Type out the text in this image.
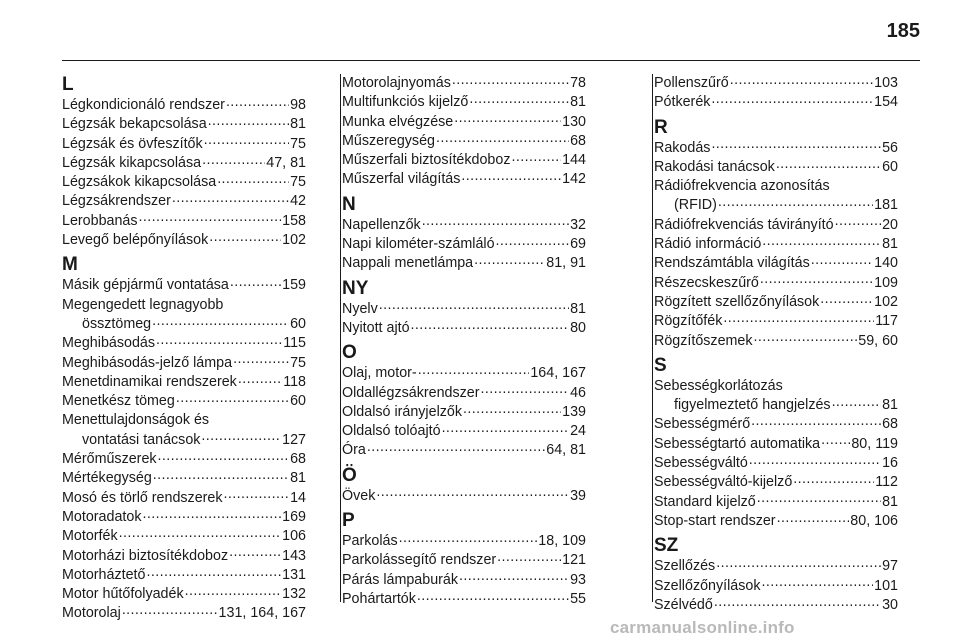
185
L
Légkondicionáló rendszer .....	98
Légzsák bekapcsolása .....	81
Légzsák és övfeszítők .....	75
Légzsák kikapcsolása .....	47, 81
Légzsákok kikapcsolása .....	75
Légzsákrendszer .....	42
Lerobbanás .....	158
Levegő belépőnyílások .....	102
M
Másik gépjármű vontatása .....	159
Megengedett legnagyobb
össztömeg .....	60
Meghibásodás .....	115
Meghibásodás-jelző lámpa .....	75
Menetdinamikai rendszerek .....	118
Menetkész tömeg .....	60
Menettulajdonságok és
vontatási tanácsok .....	127
Mérőműszerek .....	68
Mértékegység .....	81
Mosó és törlő rendszerek .....	14
Motoradatok .....	169
Motorfék .....	106
Motorházi biztosítékdoboz .....	143
Motorháztető .....	131
Motor hűtőfolyadék .....	132
Motorolaj .....	131, 164, 167
Motorolajnyomás .....	78
Multifunkciós kijelző .....	81
Munka elvégzése .....	130
Műszeregység .....	68
Műszerfali biztosítékdoboz .....	144
Műszerfal világítás .....	142
N
Napellenzők .....	32
Napi kilométer-számláló .....	69
Nappali menetlámpa .....	81, 91
NY
Nyelv .....	81
Nyitott ajtó .....	80
O
Olaj, motor- .....	164, 167
Oldallégzsákrendszer .....	46
Oldalsó irányjelzők .....	139
Oldalsó tolóajtó .....	24
Óra .....	64, 81
Ö
Övek .....	39
P
Parkolás .....	18, 109
Parkolássegítő rendszer .....	121
Párás lámpaburák .....	93
Pohártartók .....	55
Pollenszűrő .....	103
Pótkerék .....	154
R
Rakodás .....	56
Rakodási tanácsok .....	60
Rádiófrekvencia azonosítás
(RFID) .....	181
Rádiófrekvenciás távirányító .....	20
Rádió információ .....	81
Rendszámtábla világítás .....	140
Részecskeszűrő .....	109
Rögzített szellőzőnyílások .....	102
Rögzítőfék .....	117
Rögzítőszemek .....	59, 60
S
Sebességkorlátozás
figyelmeztető hangjelzés .....	81
Sebességmérő .....	68
Sebességtartó automatika ..... 80, 119
Sebességváltó .....	16
Sebességváltó-kijelző .....	112
Standard kijelző .....	81
Stop-start rendszer .....	80, 106
SZ
Szellőzés .....	97
Szellőzőnyílások .....	101
Szélvédő .....	30
carmanualsonline.info
